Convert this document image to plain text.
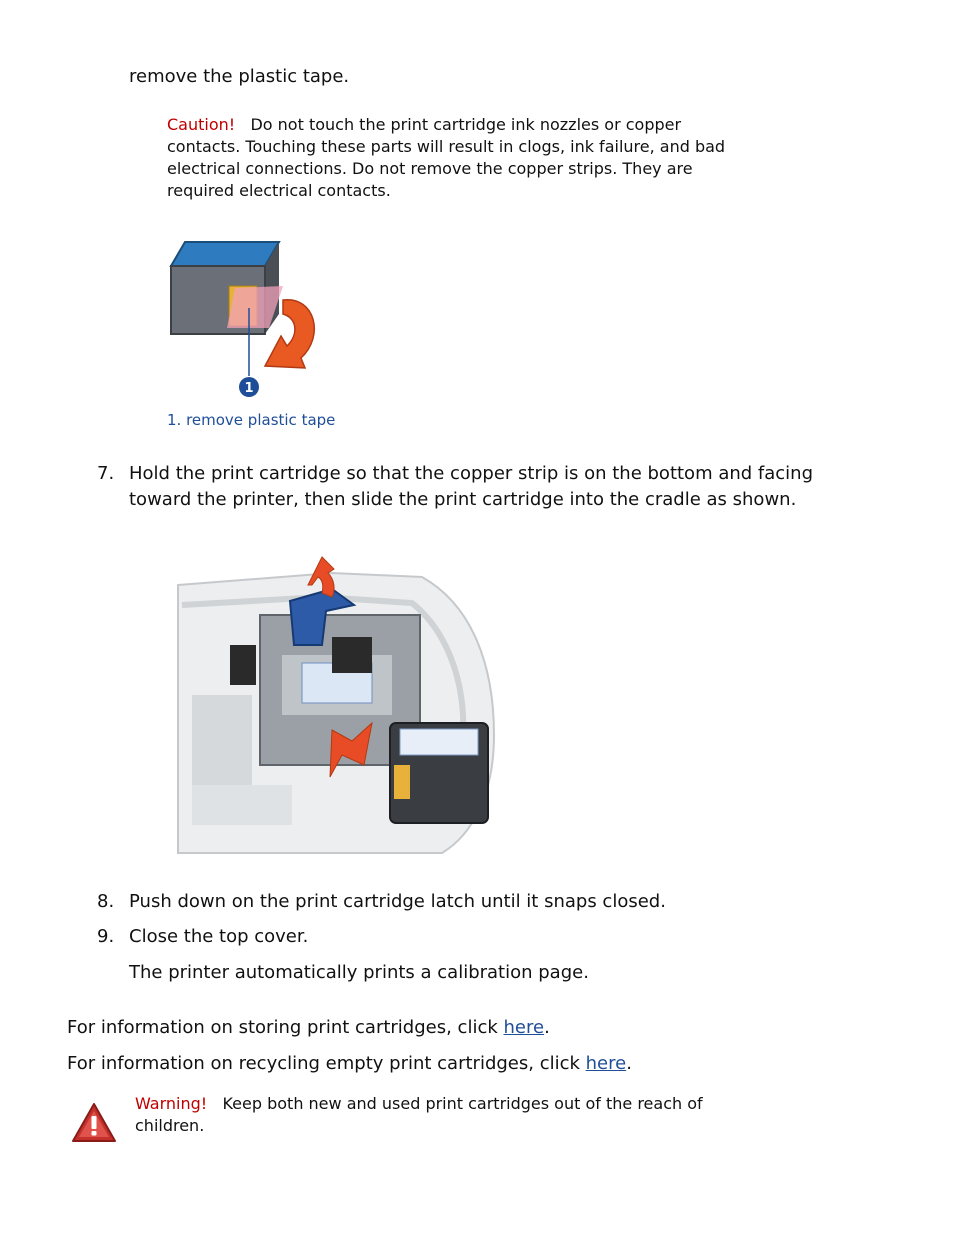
remove the plastic tape.
Caution! Do not touch the print cartridge ink nozzles or copper contacts. Touching these parts will result in clogs, ink failure, and bad electrical connections. Do not remove the copper strips. They are required electrical contacts.
1
1. remove plastic tape
7. Hold the print cartridge so that the copper strip is on the bottom and facing toward the printer, then slide the print cartridge into the cradle as shown.
8. Push down on the print cartridge latch until it snaps closed.
9. Close the top cover.
The printer automatically prints a calibration page.
For information on storing print cartridges, click here.
For information on recycling empty print cartridges, click here.
Warning! Keep both new and used print cartridges out of the reach of children.
